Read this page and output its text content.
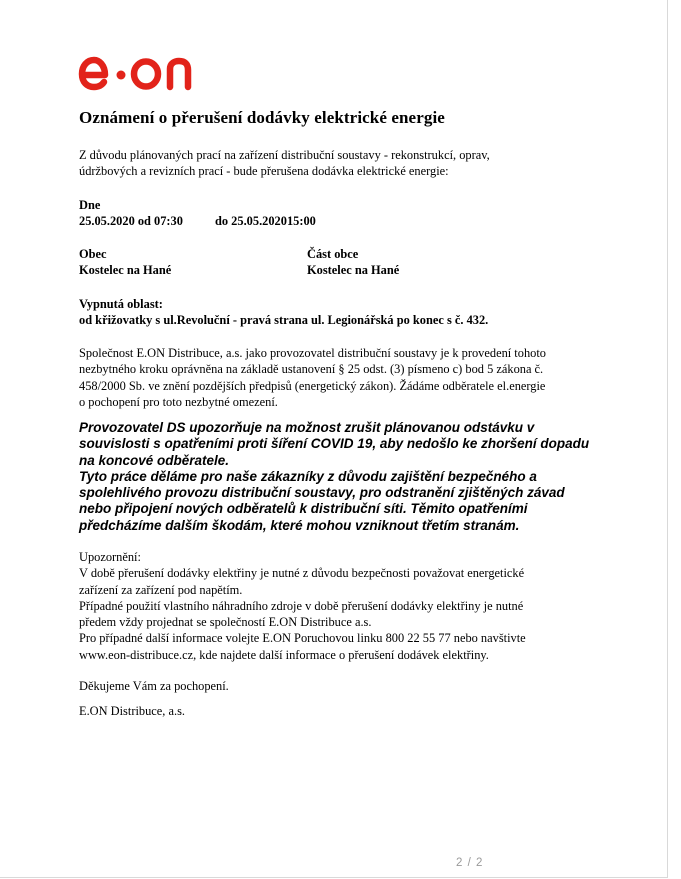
Oznámení o přerušení dodávky elektrické energie
Z důvodu plánovaných prací na zařízení distribuční soustavy - rekonstrukcí, oprav,
údržbových a revizních prací - bude přerušena dodávka elektrické energie:
Dne
25.05.2020 od 07:30	do 25.05.202015:00
Obec
Kostelec na Hané
Část obce
Kostelec na Hané
Vypnutá oblast:
od křižovatky s ul.Revoluční - pravá strana ul. Legionářská po konec s č. 432.
Společnost E.ON Distribuce, a.s. jako provozovatel distribuční soustavy je k provedení tohoto
nezbytného kroku oprávněna na základě ustanovení § 25 odst. (3) písmeno c) bod 5 zákona č.
458/2000 Sb. ve znění pozdějších předpisů (energetický zákon). Žádáme odběratele el.energie
o pochopení pro toto nezbytné omezení.
Provozovatel DS upozorňuje na možnost zrušit plánovanou odstávku v
souvislosti s opatřeními proti šíření COVID 19, aby nedošlo ke zhoršení dopadu
na koncové odběratele.
Tyto práce děláme pro naše zákazníky z důvodu zajištění bezpečného a
spolehlivého provozu distribuční soustavy, pro odstranění zjištěných závad
nebo připojení nových odběratelů k distribuční síti. Těmito opatřeními
předcházíme dalším škodám, které mohou vzniknout třetím stranám.
Upozornění:
V době přerušení dodávky elektřiny je nutné z důvodu bezpečnosti považovat energetické
zařízení za zařízení pod napětím.
Případné použití vlastního náhradního zdroje v době přerušení dodávky elektřiny je nutné
předem vždy projednat se společností E.ON Distribuce a.s.
Pro případné další informace volejte E.ON Poruchovou linku 800 22 55 77 nebo navštivte
www.eon-distribuce.cz, kde najdete další informace o přerušení dodávek elektřiny.
Děkujeme Vám za pochopení.
E.ON Distribuce, a.s.
2 / 2
